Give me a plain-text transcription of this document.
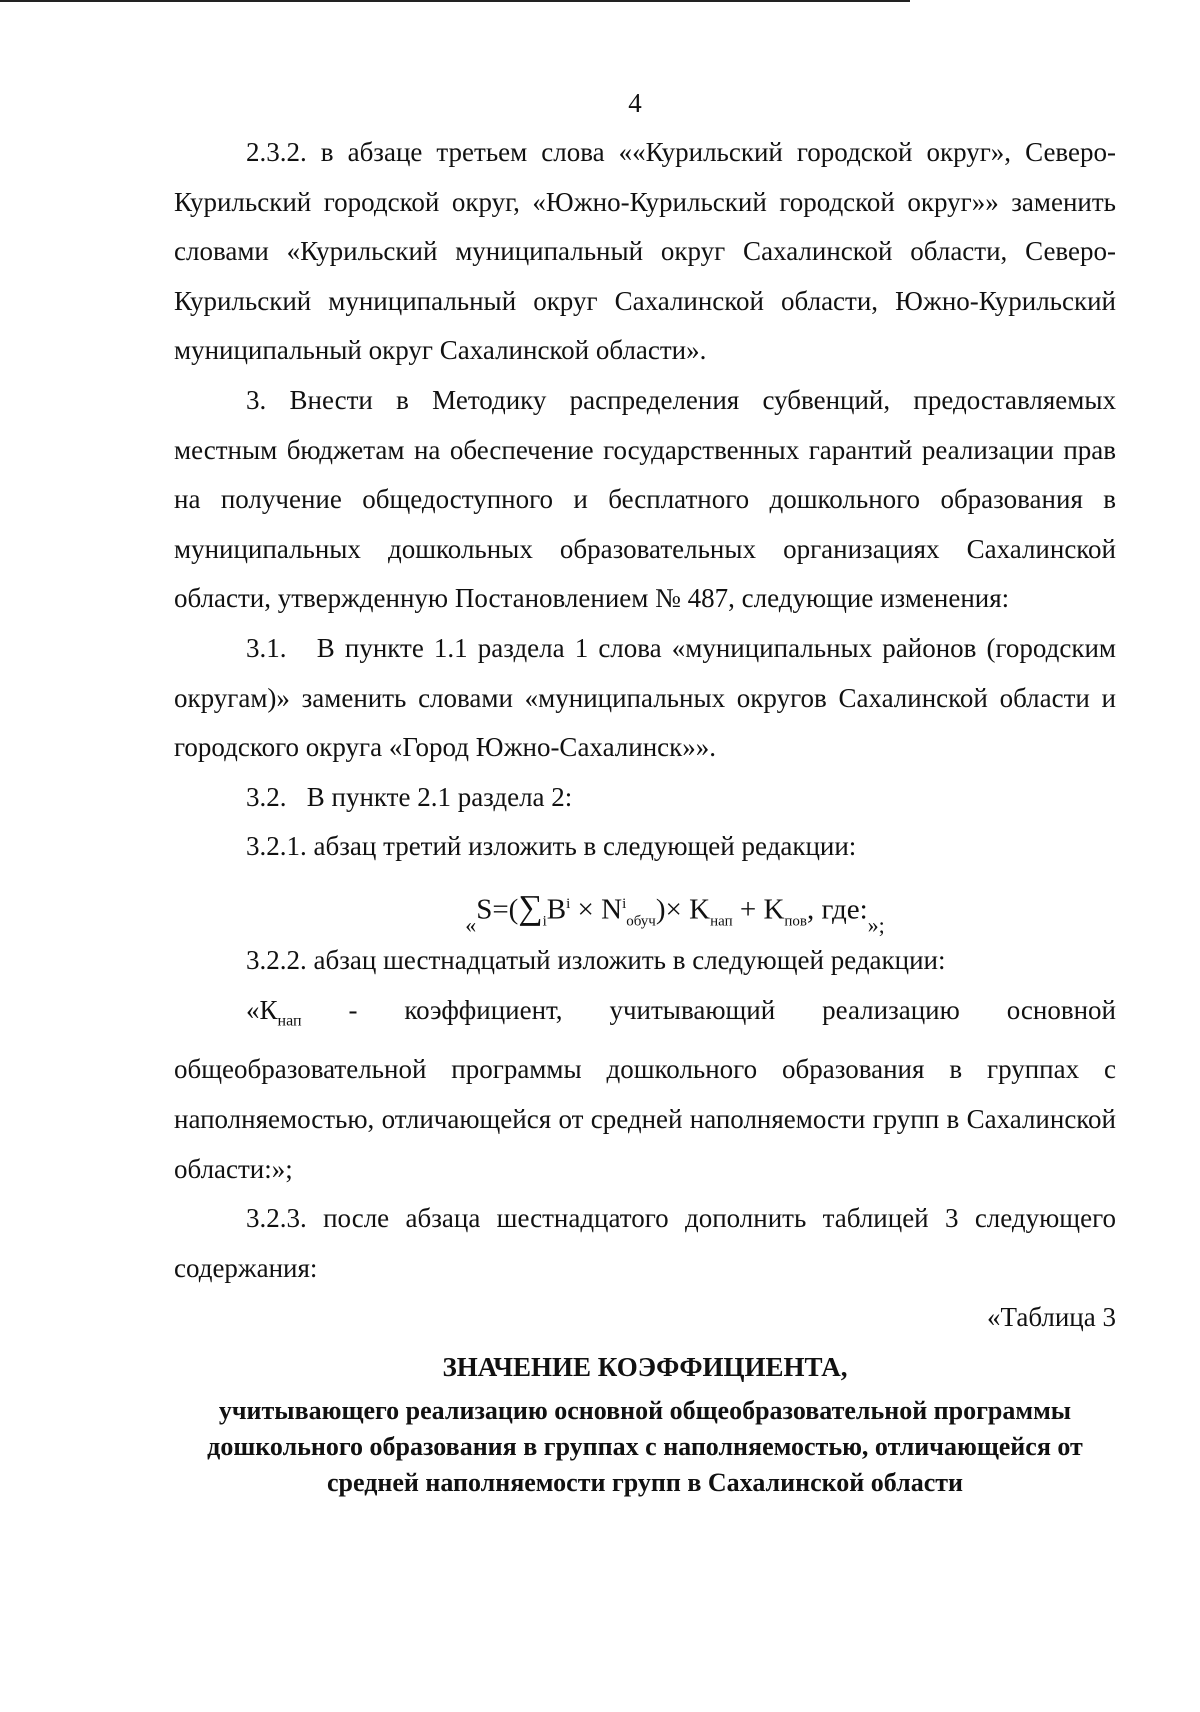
4

2.3.2. в абзаце третьем слова ««Курильский городской округ», Северо-Курильский городской округ, «Южно-Курильский городской округ»» заменить словами «Курильский муниципальный округ Сахалинской области, Северо-Курильский муниципальный округ Сахалинской области, Южно-Курильский муниципальный округ Сахалинской области».

3. Внести в Методику распределения субвенций, предоставляемых местным бюджетам на обеспечение государственных гарантий реализации прав на получение общедоступного и бесплатного дошкольного образования в муниципальных дошкольных образовательных организациях Сахалинской области, утвержденную Постановлением № 487, следующие изменения:

3.1.   В пункте 1.1 раздела 1 слова «муниципальных районов (городским округам)» заменить словами «муниципальных округов Сахалинской области и городского округа «Город Южно-Сахалинск»».

3.2.   В пункте 2.1 раздела 2:

3.2.1. абзац третий изложить в следующей редакции:

$_«S=(\sum_iB^i \times N^i_{обуч})\times K_{нап} + K_{пов}$, $где:_{»;}$

3.2.2. абзац шестнадцатый изложить в следующей редакции:

«$К_{нап}$ - коэффициент, учитывающий реализацию основной общеобразовательной программы дошкольного образования в группах с наполняемостью, отличающейся от средней наполняемости групп в Сахалинской области:»;

3.2.3. после абзаца шестнадцатого дополнить таблицей 3 следующего содержания:

«Таблица 3

ЗНАЧЕНИЕ КОЭФФИЦИЕНТА,

учитывающего реализацию основной общеобразовательной программы дошкольного образования в группах с наполняемостью, отличающейся от средней наполняемости групп в Сахалинской области
